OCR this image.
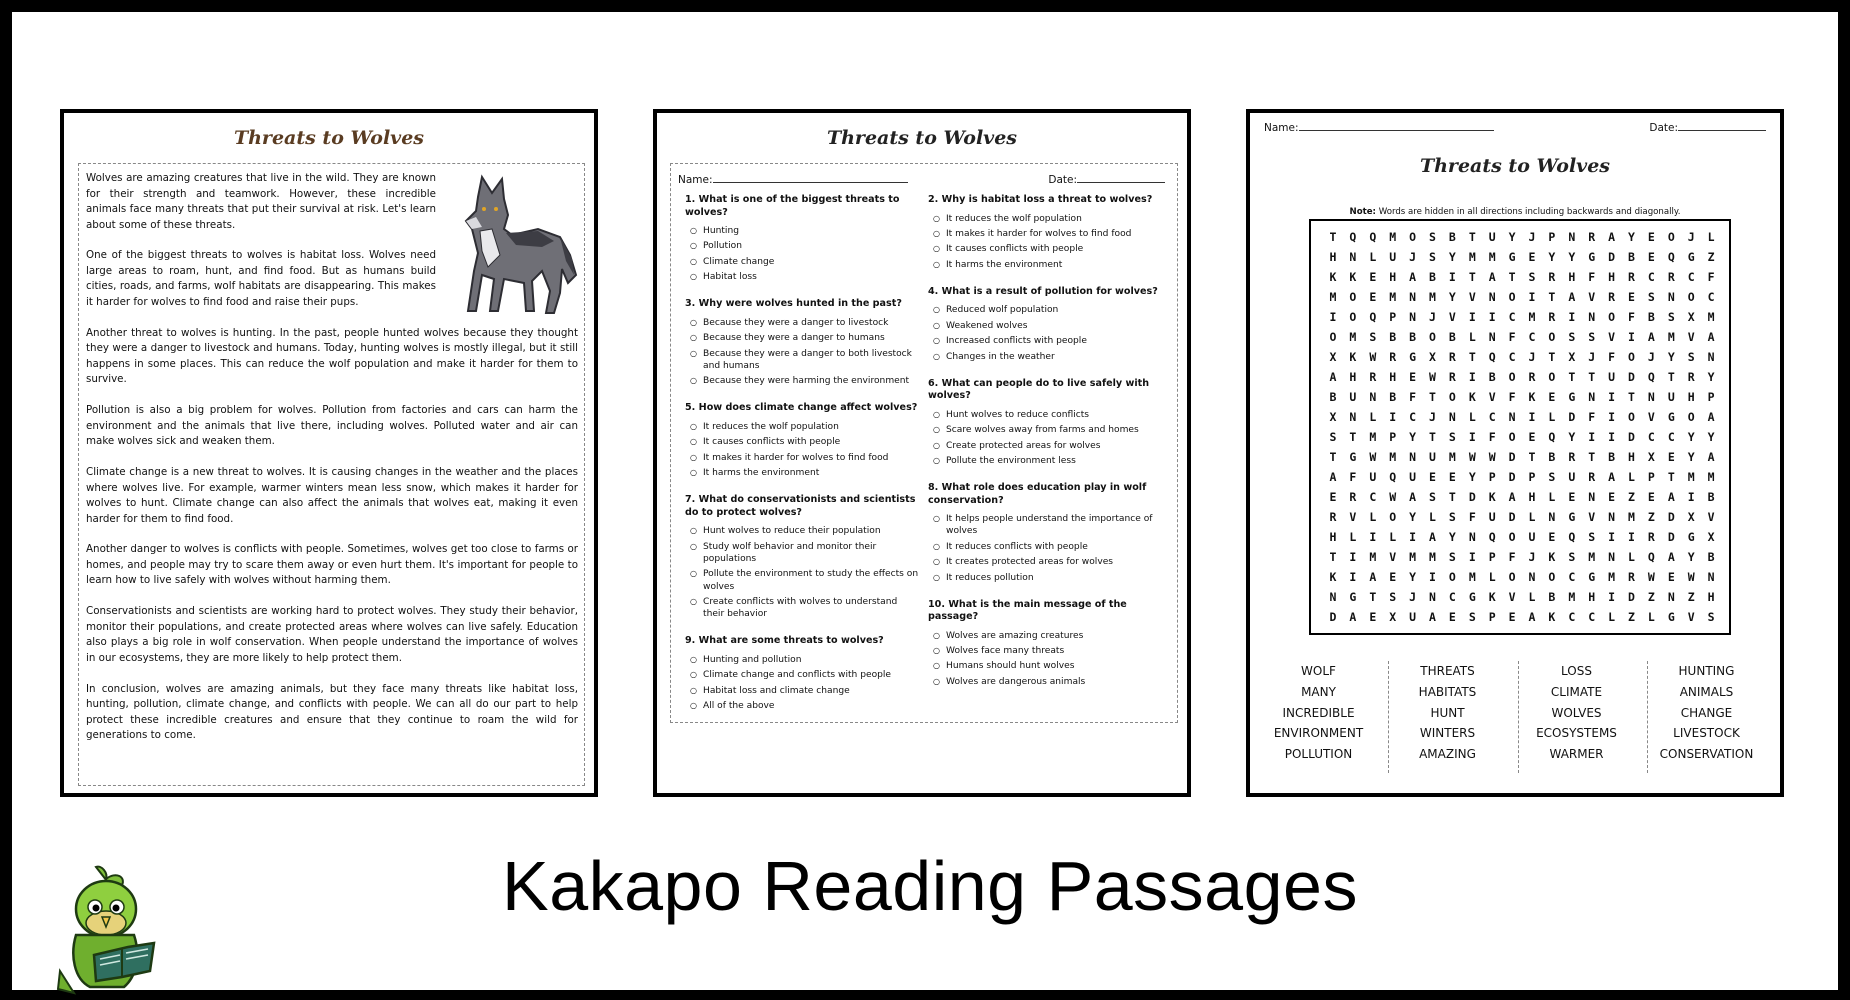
Threats to Wolves

Wolves are amazing creatures that live in the wild. They are known for their strength and teamwork. However, these incredible animals face many threats that put their survival at risk. Let's learn about some of these threats.

One of the biggest threats to wolves is habitat loss. Wolves need large areas to roam, hunt, and find food. But as humans build cities, roads, and farms, wolf habitats are disappearing. This makes it harder for wolves to find food and raise their pups.

Another threat to wolves is hunting. In the past, people hunted wolves because they thought they were a danger to livestock and humans. Today, hunting wolves is mostly illegal, but it still happens in some places. This can reduce the wolf population and make it harder for them to survive.

Pollution is also a big problem for wolves. Pollution from factories and cars can harm the environment and the animals that live there, including wolves. Polluted water and air can make wolves sick and weaken them.

Climate change is a new threat to wolves. It is causing changes in the weather and the places where wolves live. For example, warmer winters mean less snow, which makes it harder for wolves to hunt. Climate change can also affect the animals that wolves eat, making it even harder for them to find food.

Another danger to wolves is conflicts with people. Sometimes, wolves get too close to farms or homes, and people may try to scare them away or even hurt them. It's important for people to learn how to live safely with wolves without harming them.

Conservationists and scientists are working hard to protect wolves. They study their behavior, monitor their populations, and create protected areas where wolves can live safely. Education also plays a big role in wolf conservation. When people understand the importance of wolves in our ecosystems, they are more likely to help protect them.

In conclusion, wolves are amazing animals, but they face many threats like habitat loss, hunting, pollution, climate change, and conflicts with people. We can all do our part to help protect these incredible creatures and ensure that they continue to roam the wild for generations to come.

Threats to Wolves
Name:	Date:
1. What is one of the biggest threats to wolves?
○ Hunting
○ Pollution
○ Climate change
○ Habitat loss
3. Why were wolves hunted in the past?
○ Because they were a danger to livestock
○ Because they were a danger to humans
○ Because they were a danger to both livestock and humans
○ Because they were harming the environment
5. How does climate change affect wolves?
○ It reduces the wolf population
○ It causes conflicts with people
○ It makes it harder for wolves to find food
○ It harms the environment
7. What do conservationists and scientists do to protect wolves?
○ Hunt wolves to reduce their population
○ Study wolf behavior and monitor their populations
○ Pollute the environment to study the effects on wolves
○ Create conflicts with wolves to understand their behavior
9. What are some threats to wolves?
○ Hunting and pollution
○ Climate change and conflicts with people
○ Habitat loss and climate change
○ All of the above
2. Why is habitat loss a threat to wolves?
○ It reduces the wolf population
○ It makes it harder for wolves to find food
○ It causes conflicts with people
○ It harms the environment
4. What is a result of pollution for wolves?
○ Reduced wolf population
○ Weakened wolves
○ Increased conflicts with people
○ Changes in the weather
6. What can people do to live safely with wolves?
○ Hunt wolves to reduce conflicts
○ Scare wolves away from farms and homes
○ Create protected areas for wolves
○ Pollute the environment less
8. What role does education play in wolf conservation?
○ It helps people understand the importance of wolves
○ It reduces conflicts with people
○ It creates protected areas for wolves
○ It reduces pollution
10. What is the main message of the passage?
○ Wolves are amazing creatures
○ Wolves face many threats
○ Humans should hunt wolves
○ Wolves are dangerous animals
Name:	Date:
Threats to Wolves
Note: Words are hidden in all directions including backwards and diagonally.
T	Q	Q	M	O	S	B	T	U	Y	J	P	N	R	A	Y	E	O	J	L
H	N	L	U	J	S	Y	M	M	G	E	Y	Y	G	D	B	E	Q	G	Z
K	K	E	H	A	B	I	T	A	T	S	R	H	F	H	R	C	R	C	F
M	O	E	M	N	M	Y	V	N	O	I	T	A	V	R	E	S	N	O	C
I	O	Q	P	N	J	V	I	I	C	M	R	I	N	O	F	B	S	X	M
O	M	S	B	B	O	B	L	N	F	C	O	S	S	V	I	A	M	V	A
X	K	W	R	G	X	R	T	Q	C	J	T	X	J	F	O	J	Y	S	N
A	H	R	H	E	W	R	I	B	O	R	O	T	T	U	D	Q	T	R	Y
B	U	N	B	F	T	O	K	V	F	K	E	G	N	I	T	N	U	H	P
X	N	L	I	C	J	N	L	C	N	I	L	D	F	I	O	V	G	O	A
S	T	M	P	Y	T	S	I	F	O	E	Q	Y	I	I	D	C	C	Y	Y
T	G	W	M	N	U	M	W	W	D	T	B	R	T	B	H	X	E	Y	A
A	F	U	Q	U	E	E	Y	P	D	P	S	U	R	A	L	P	T	M	M
E	R	C	W	A	S	T	D	K	A	H	L	E	N	E	Z	E	A	I	B
R	V	L	O	Y	L	S	F	U	D	L	N	G	V	N	M	Z	D	X	V
H	L	I	L	I	A	Y	N	Q	O	U	E	Q	S	I	I	R	D	G	X
T	I	M	V	M	M	S	I	P	F	J	K	S	M	N	L	Q	A	Y	B
K	I	A	E	Y	I	O	M	L	O	N	O	C	G	M	R	W	E	W	N
N	G	T	S	J	N	C	G	K	V	L	B	M	H	I	D	Z	N	Z	H
D	A	E	X	U	A	E	S	P	E	A	K	C	C	L	Z	L	G	V	S
WOLF
MANY
INCREDIBLE
ENVIRONMENT
POLLUTION
THREATS
HABITATS
HUNT
WINTERS
AMAZING
LOSS
CLIMATE
WOLVES
ECOSYSTEMS
WARMER
HUNTING
ANIMALS
CHANGE
LIVESTOCK
CONSERVATION
Kakapo Reading Passages
